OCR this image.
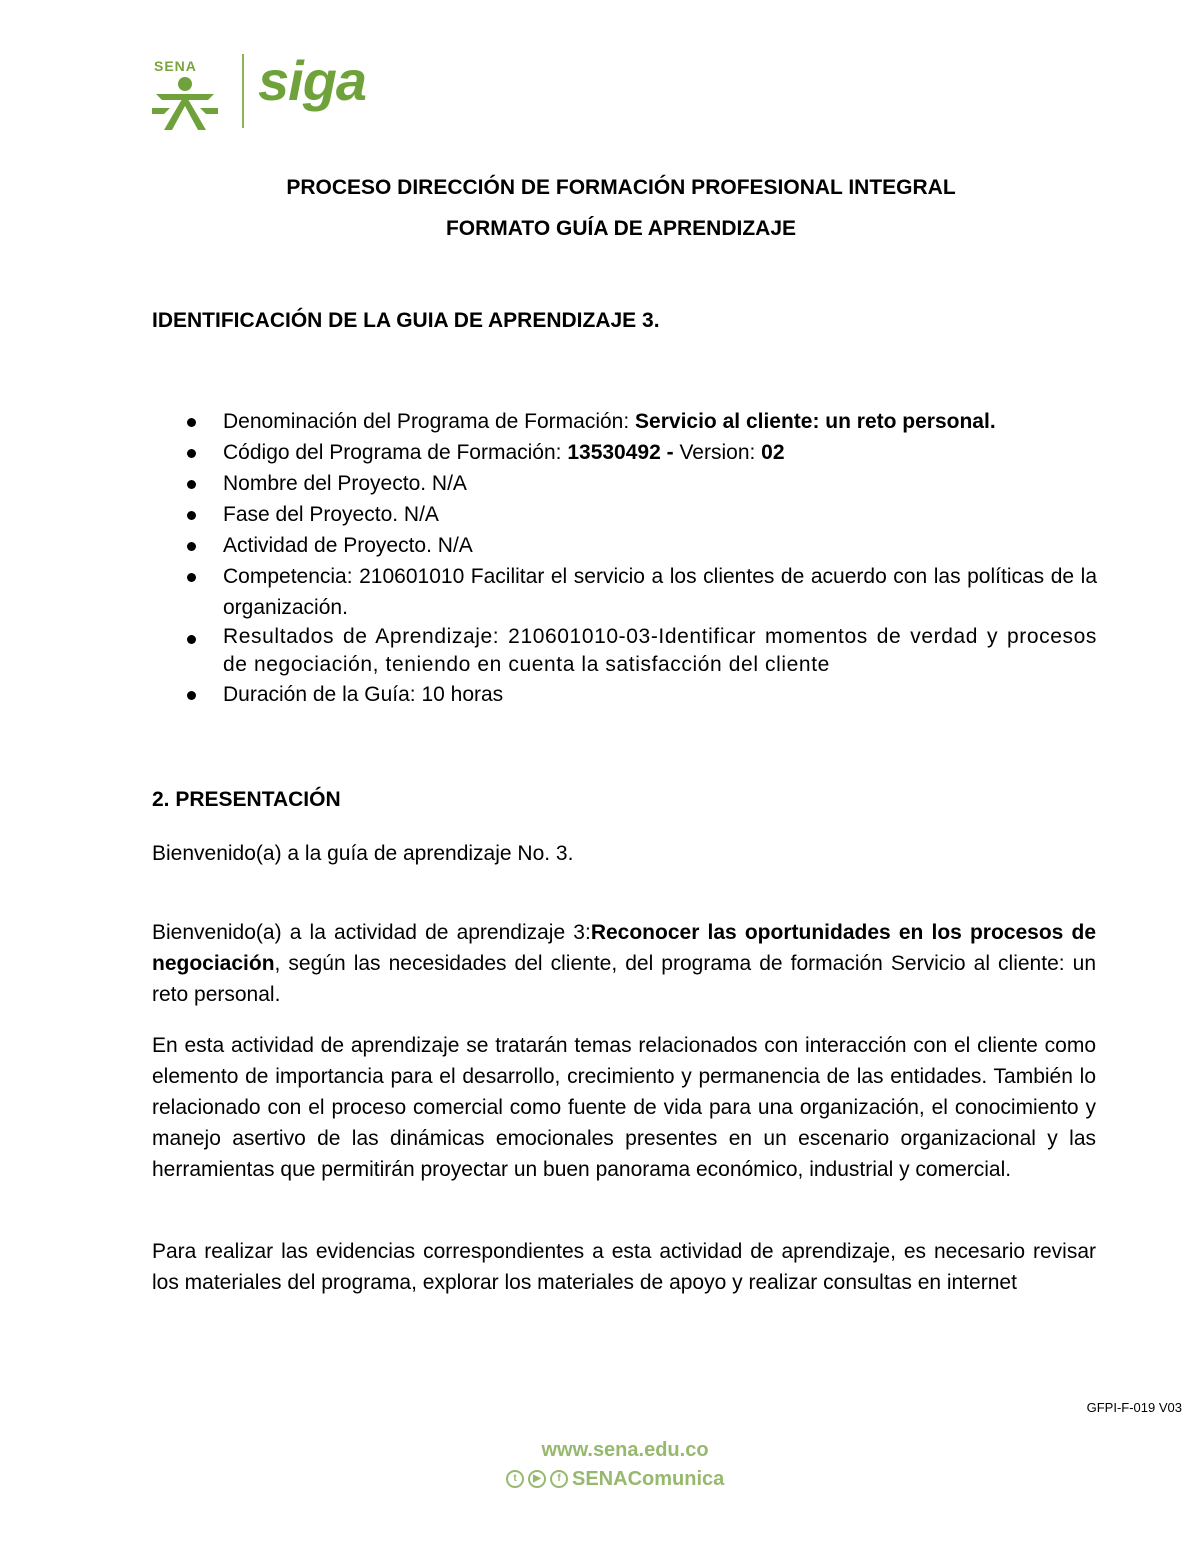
SENA siga
PROCESO DIRECCIÓN DE FORMACIÓN PROFESIONAL INTEGRAL
FORMATO GUÍA DE APRENDIZAJE
IDENTIFICACIÓN DE LA GUIA DE APRENDIZAJE 3.
Denominación del Programa de Formación: Servicio al cliente: un reto personal.
Código del Programa de Formación: 13530492 - Version: 02
Nombre del Proyecto. N/A
Fase del Proyecto. N/A
Actividad de Proyecto. N/A
Competencia: 210601010 Facilitar el servicio a los clientes de acuerdo con las políticas de la organización.
Resultados de Aprendizaje: 210601010-03-Identificar momentos de verdad y procesos de negociación, teniendo en cuenta la satisfacción del cliente
Duración de la Guía: 10 horas
2. PRESENTACIÓN

Bienvenido(a) a la guía de aprendizaje No. 3.

Bienvenido(a) a la actividad de aprendizaje 3:Reconocer las oportunidades en los procesos de negociación, según las necesidades del cliente, del programa de formación Servicio al cliente: un reto personal.

En esta actividad de aprendizaje se tratarán temas relacionados con interacción con el cliente como elemento de importancia para el desarrollo, crecimiento y permanencia de las entidades. También lo relacionado con el proceso comercial como fuente de vida para una organización, el conocimiento y manejo asertivo de las dinámicas emocionales presentes en un escenario organizacional y las herramientas que permitirán proyectar un buen panorama económico, industrial y comercial.

Para realizar las evidencias correspondientes a esta actividad de aprendizaje, es necesario revisar los materiales del programa, explorar los materiales de apoyo y realizar consultas en internet

GFPI-F-019 V03
www.sena.edu.co
t	▶	f SENAComunica
